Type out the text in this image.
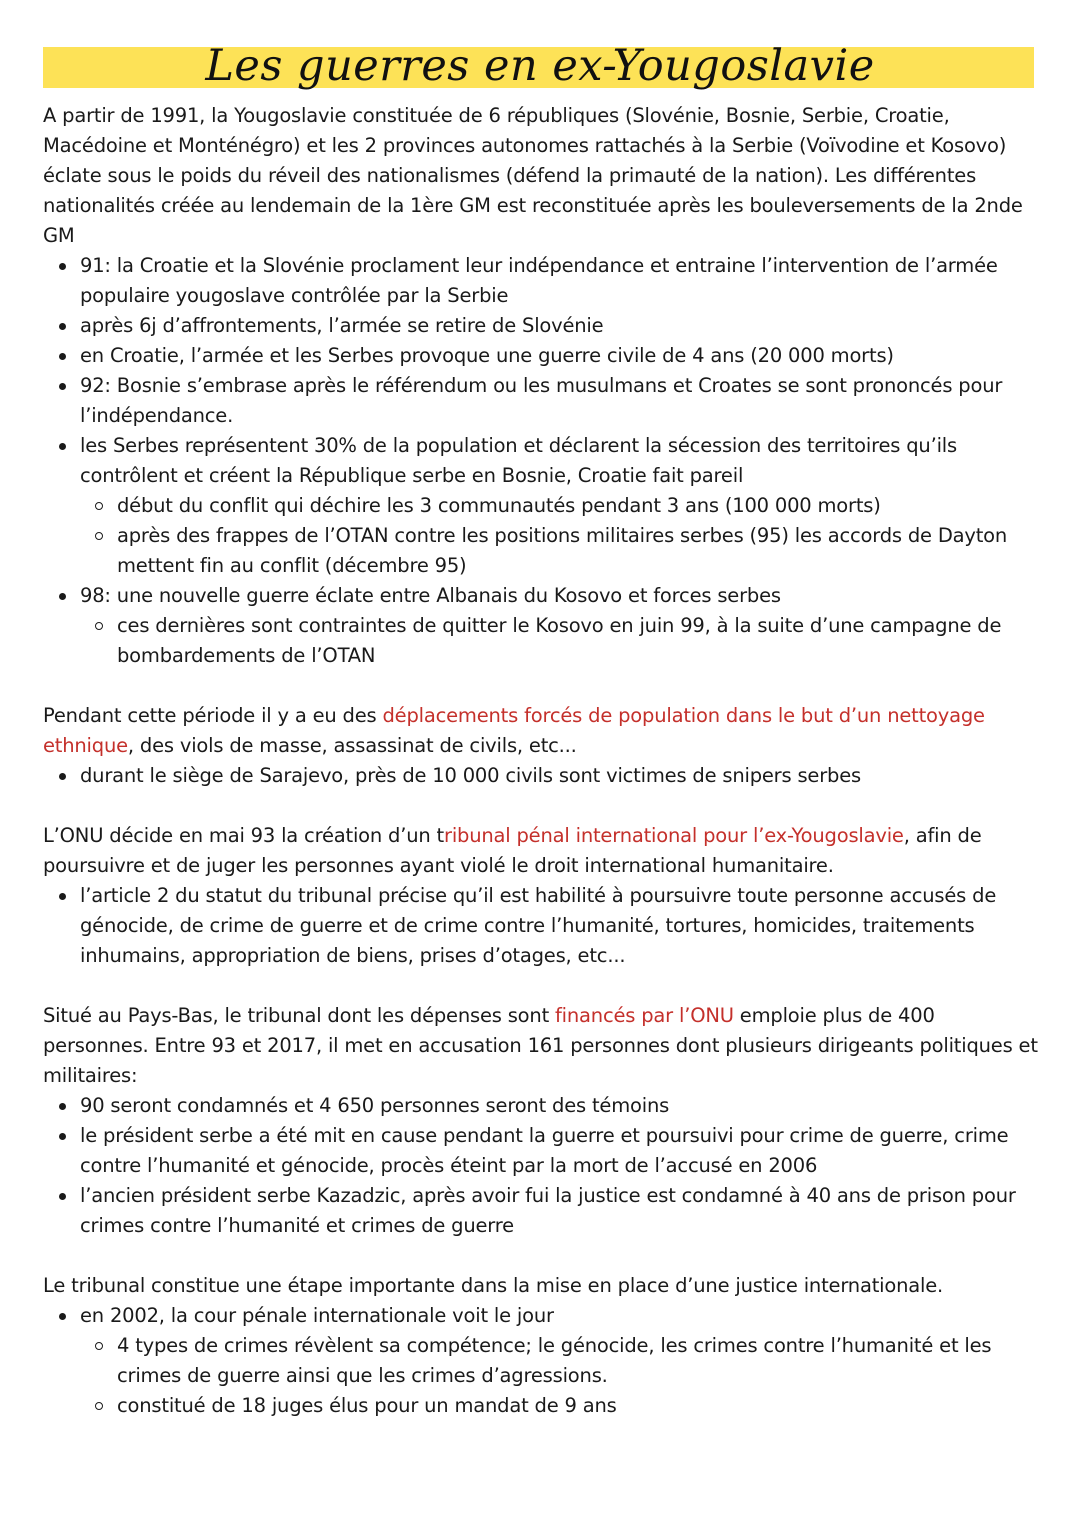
Les guerres en ex-Yougoslavie

A partir de 1991, la Yougoslavie constituée de 6 républiques (Slovénie, Bosnie, Serbie, Croatie, Macédoine et Monténégro) et les 2 provinces autonomes rattachés à la Serbie (Voïvodine et Kosovo) éclate sous le poids du réveil des nationalismes (défend la primauté de la nation). Les différentes nationalités créée au lendemain de la 1ère GM est reconstituée après les bouleversements de la 2nde GM

91: la Croatie et la Slovénie proclament leur indépendance et entraine l’intervention de l’armée populaire yougoslave contrôlée par la Serbie
après 6j d’affrontements, l’armée se retire de Slovénie
en Croatie, l’armée et les Serbes provoque une guerre civile de 4 ans (20 000 morts)
92: Bosnie s’embrase après le référendum ou les musulmans et Croates se sont prononcés pour l’indépendance.
les Serbes représentent 30% de la population et déclarent la sécession des territoires qu’ils contrôlent et créent la République serbe en Bosnie, Croatie fait pareil
début du conflit qui déchire les 3 communautés pendant 3 ans (100 000 morts)
après des frappes de l’OTAN contre les positions militaires serbes (95) les accords de Dayton mettent fin au conflit (décembre 95)
98: une nouvelle guerre éclate entre Albanais du Kosovo et forces serbes
ces dernières sont contraintes de quitter le Kosovo en juin 99, à la suite d’une campagne de bombardements de l’OTAN

Pendant cette période il y a eu des déplacements forcés de population dans le but d’un nettoyage ethnique, des viols de masse, assassinat de civils, etc...

durant le siège de Sarajevo, près de 10 000 civils sont victimes de snipers serbes

L’ONU décide en mai 93 la création d’un tribunal pénal international pour l’ex-Yougoslavie, afin de poursuivre et de juger les personnes ayant violé le droit international humanitaire.

l’article 2 du statut du tribunal précise qu’il est habilité à poursuivre toute personne accusés de génocide, de crime de guerre et de crime contre l’humanité, tortures, homicides, traitements inhumains, appropriation de biens, prises d’otages, etc...

Situé au Pays-Bas, le tribunal dont les dépenses sont financés par l’ONU emploie plus de 400 personnes. Entre 93 et 2017, il met en accusation 161 personnes dont plusieurs dirigeants politiques et militaires:

90 seront condamnés et 4 650 personnes seront des témoins
le président serbe a été mit en cause pendant la guerre et poursuivi pour crime de guerre, crime contre l’humanité et génocide, procès éteint par la mort de l’accusé en 2006
l’ancien président serbe Kazadzic, après avoir fui la justice est condamné à 40 ans de prison pour crimes contre l’humanité et crimes de guerre

Le tribunal constitue une étape importante dans la mise en place d’une justice internationale.

en 2002, la cour pénale internationale voit le jour
4 types de crimes révèlent sa compétence; le génocide, les crimes contre l’humanité et les crimes de guerre ainsi que les crimes d’agressions.
constitué de 18 juges élus pour un mandat de 9 ans
